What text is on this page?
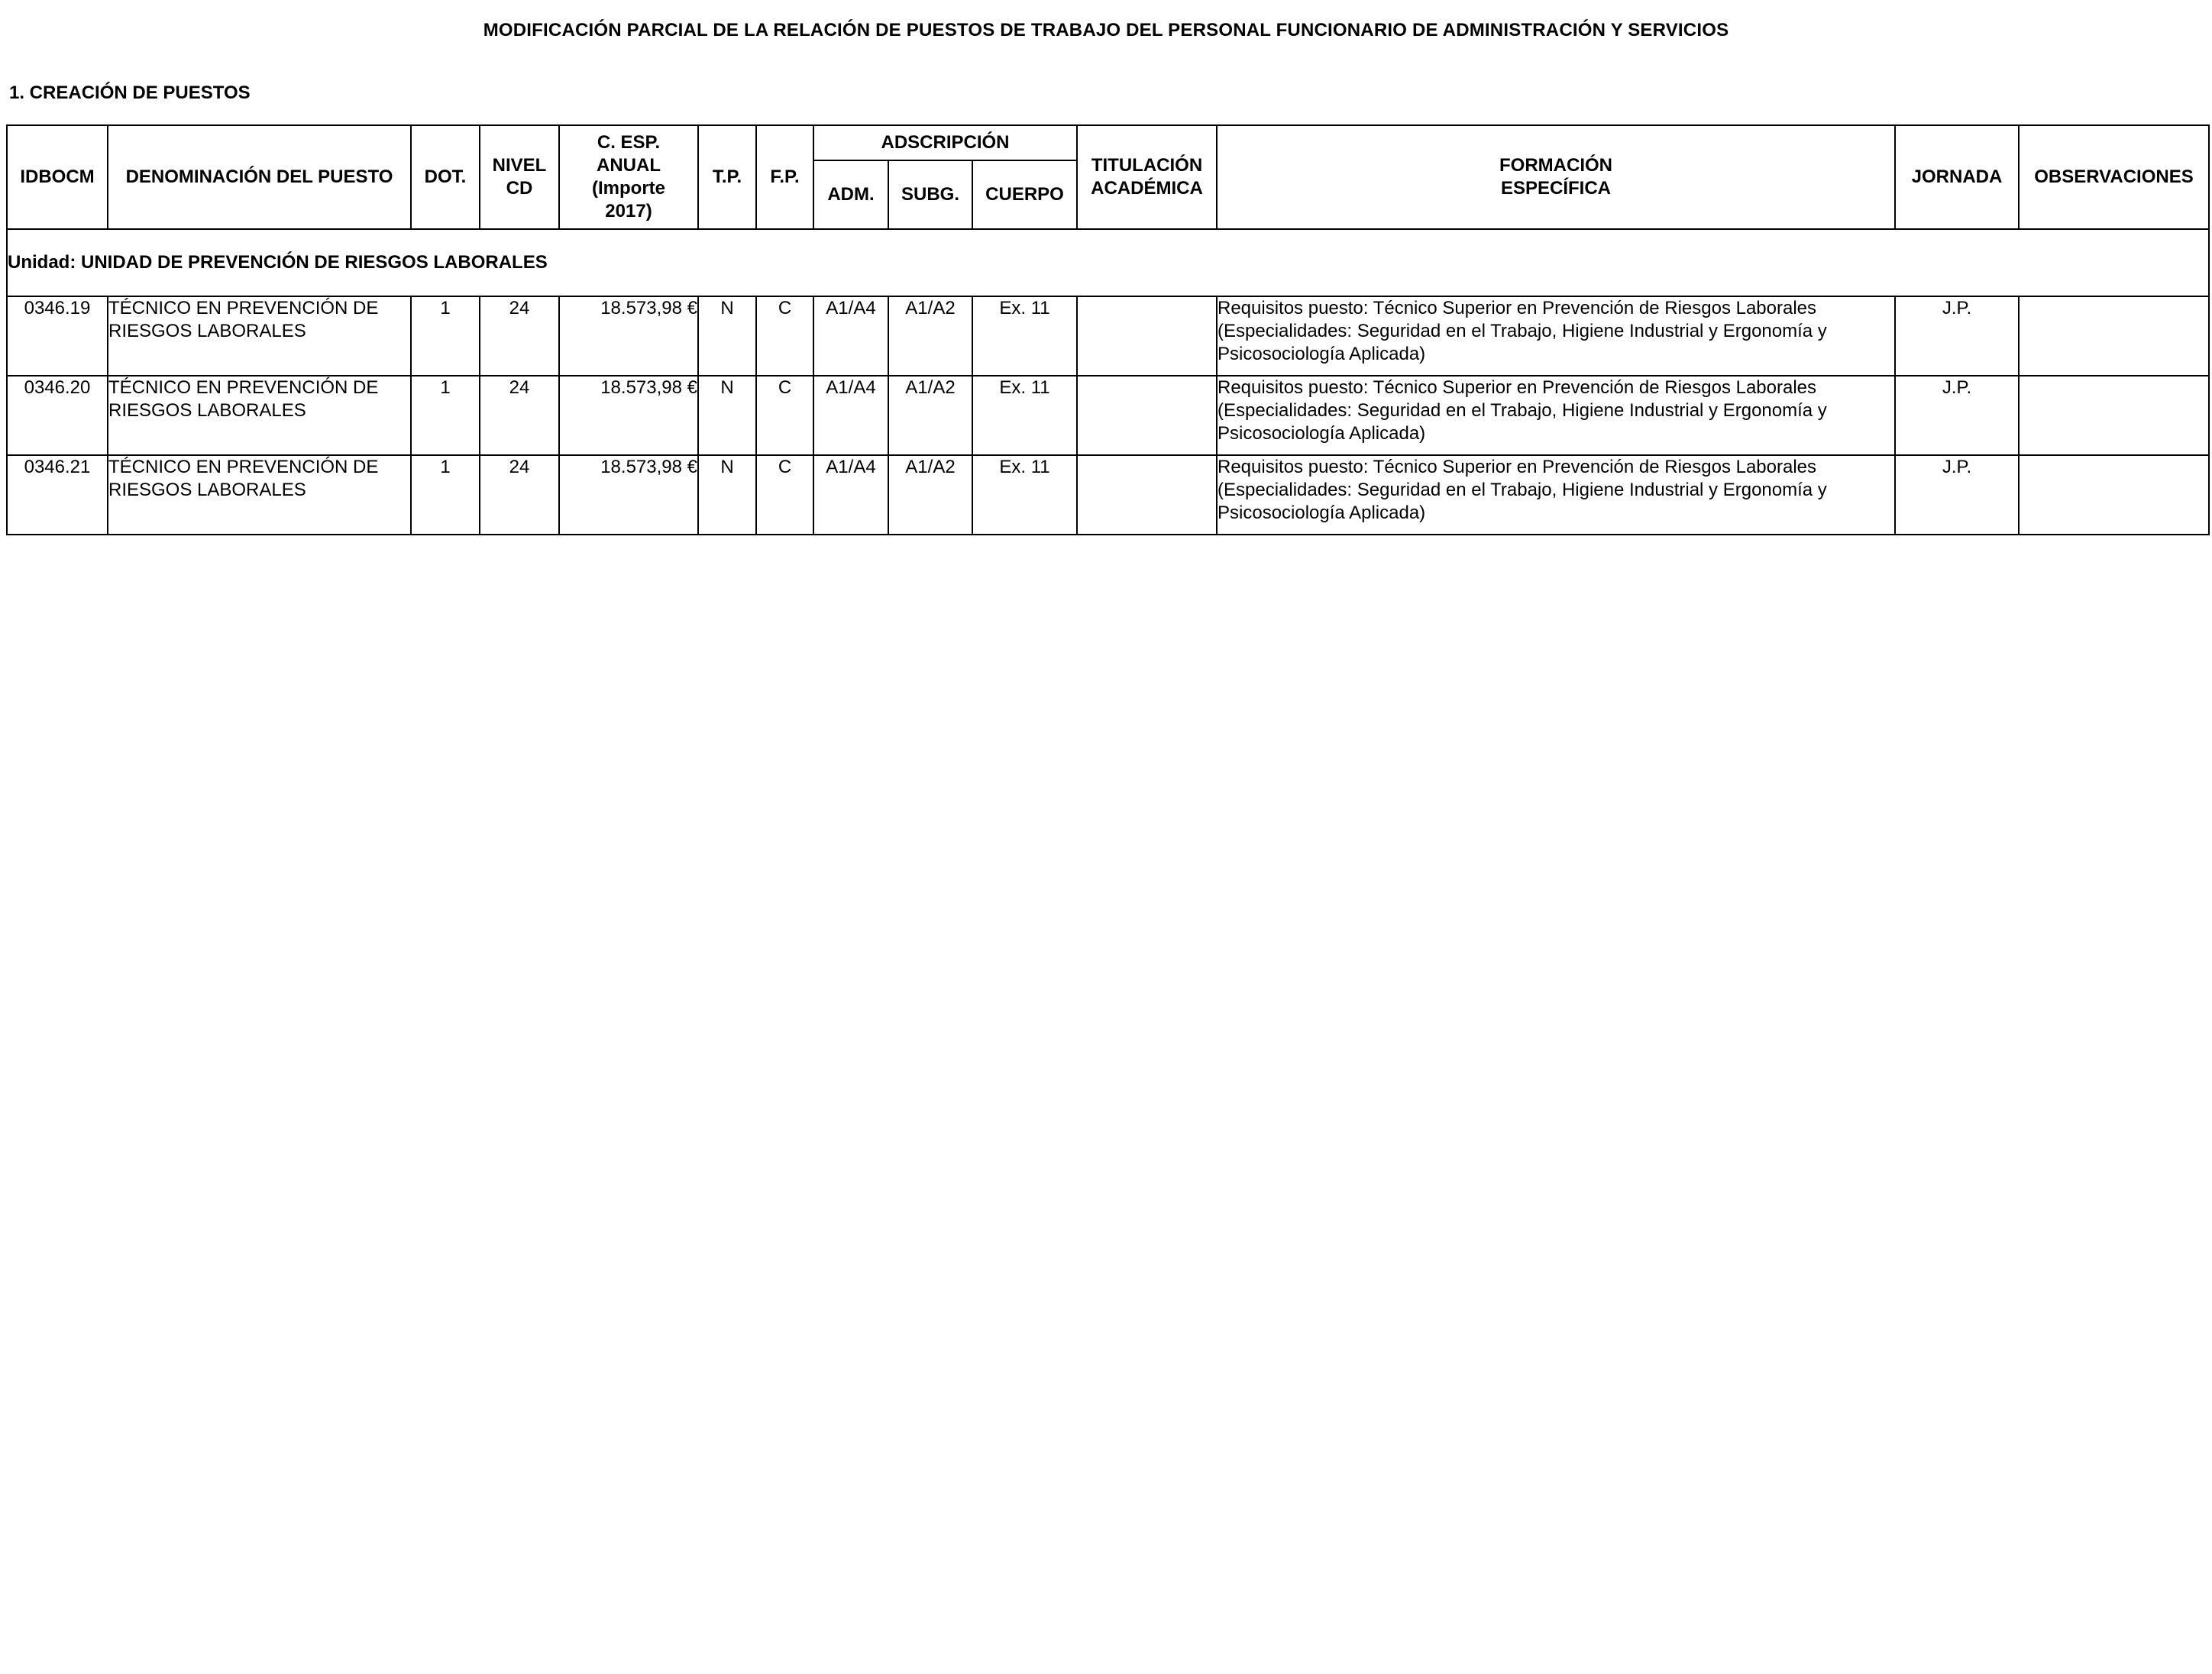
MODIFICACIÓN PARCIAL DE LA RELACIÓN DE PUESTOS DE TRABAJO DEL PERSONAL FUNCIONARIO DE ADMINISTRACIÓN Y SERVICIOS
1. CREACIÓN DE PUESTOS
IDBOCM	DENOMINACIÓN DEL PUESTO	DOT.	NIVEL CD	C. ESP. ANUAL (Importe 2017)	T.P.	F.P.	ADSCRIPCIÓN			TITULACIÓN ACADÉMICA	FORMACIÓN ESPECÍFICA	JORNADA	OBSERVACIONES
							ADM.	SUBG.	CUERPO				
Unidad: UNIDAD DE PREVENCIÓN DE RIESGOS LABORALES													
0346.19	TÉCNICO EN PREVENCIÓN DE RIESGOS LABORALES	1	24	18.573,98 €	N	C	A1/A4	A1/A2	Ex. 11		Requisitos puesto: Técnico Superior en Prevención de Riesgos Laborales (Especialidades: Seguridad en el Trabajo, Higiene Industrial y Ergonomía y Psicosociología Aplicada)	J.P.	
0346.20	TÉCNICO EN PREVENCIÓN DE RIESGOS LABORALES	1	24	18.573,98 €	N	C	A1/A4	A1/A2	Ex. 11		Requisitos puesto: Técnico Superior en Prevención de Riesgos Laborales (Especialidades: Seguridad en el Trabajo, Higiene Industrial y Ergonomía y Psicosociología Aplicada)	J.P.	
0346.21	TÉCNICO EN PREVENCIÓN DE RIESGOS LABORALES	1	24	18.573,98 €	N	C	A1/A4	A1/A2	Ex. 11		Requisitos puesto: Técnico Superior en Prevención de Riesgos Laborales (Especialidades: Seguridad en el Trabajo, Higiene Industrial y Ergonomía y Psicosociología Aplicada)	J.P.	
